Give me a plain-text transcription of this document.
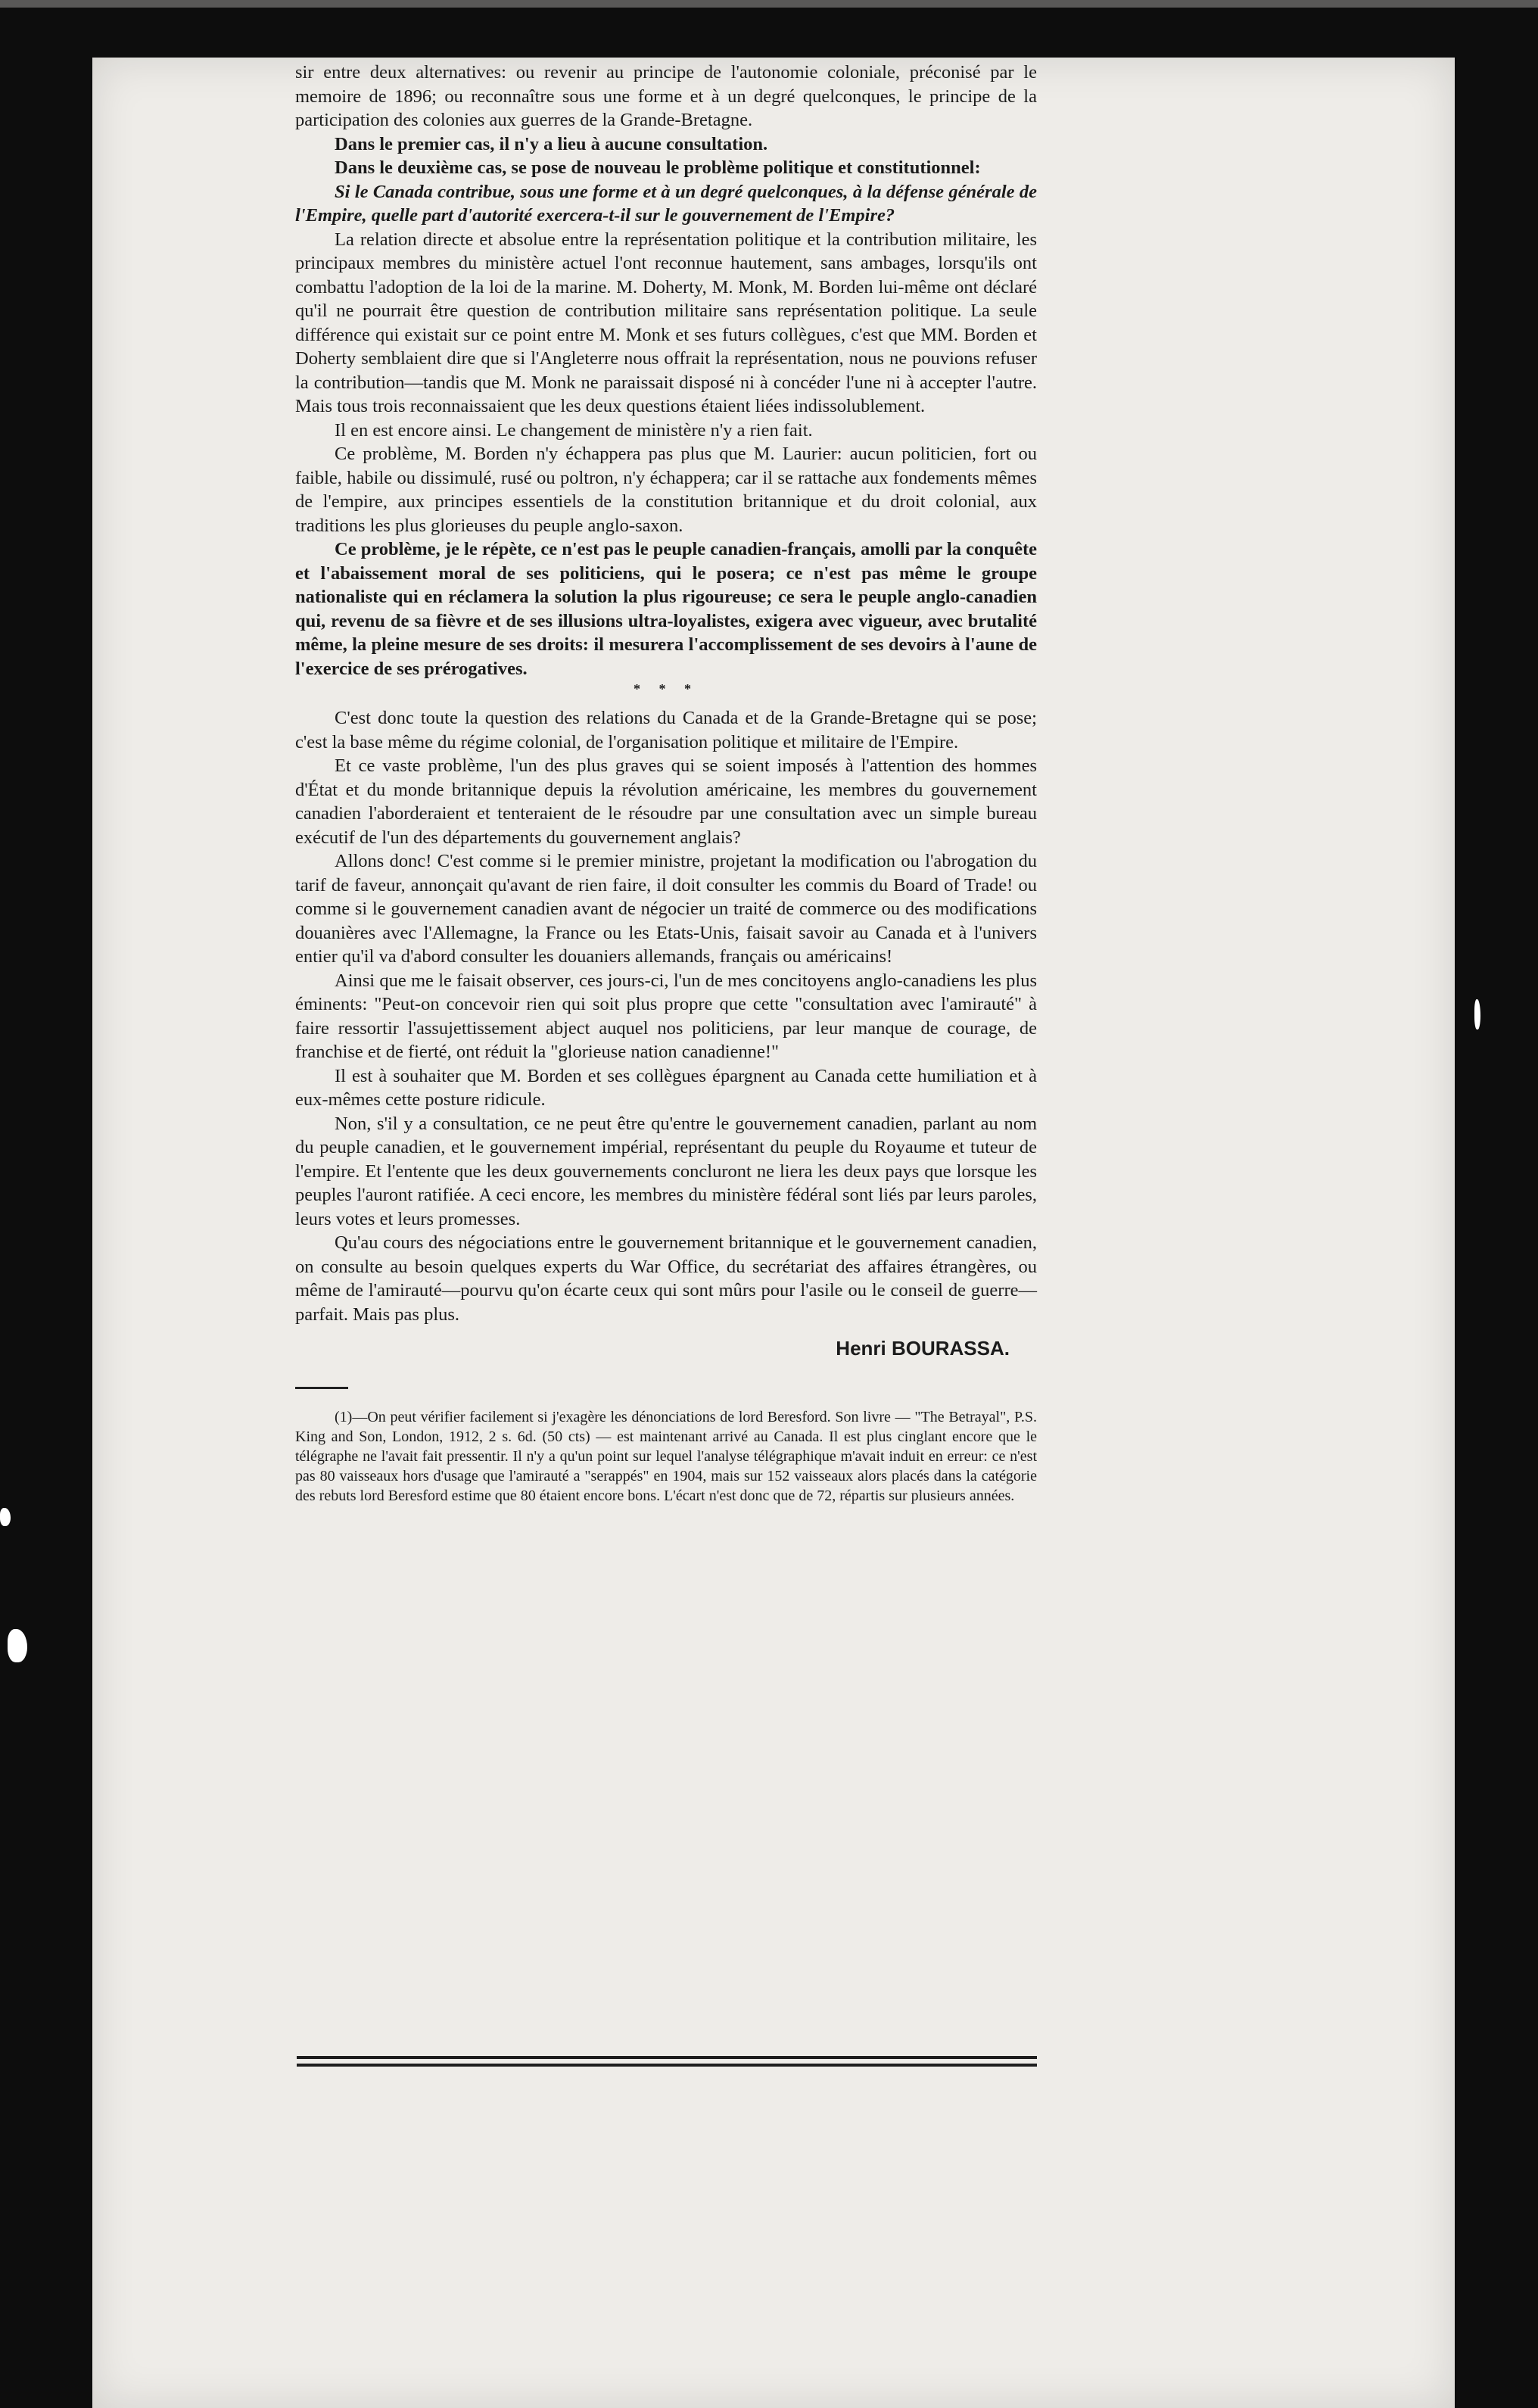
sir entre deux alternatives: ou revenir au principe de l'autonomie coloniale, préconisé par le memoire de 1896; ou reconnaître sous une forme et à un degré quelconques, le principe de la participation des colonies aux guerres de la Grande-Bretagne.

Dans le premier cas, il n'y a lieu à aucune consultation.

Dans le deuxième cas, se pose de nouveau le problème politique et constitutionnel:

Si le Canada contribue, sous une forme et à un degré quelconques, à la défense générale de l'Empire, quelle part d'autorité exercera-t-il sur le gouvernement de l'Empire?

La relation directe et absolue entre la représentation politique et la contribution militaire, les principaux membres du ministère actuel l'ont reconnue hautement, sans ambages, lorsqu'ils ont combattu l'adoption de la loi de la marine. M. Doherty, M. Monk, M. Borden lui-même ont déclaré qu'il ne pourrait être question de contribution militaire sans représentation politique. La seule différence qui existait sur ce point entre M. Monk et ses futurs collègues, c'est que MM. Borden et Doherty semblaient dire que si l'Angleterre nous offrait la représentation, nous ne pouvions refuser la contribution—tandis que M. Monk ne paraissait disposé ni à concéder l'une ni à accepter l'autre. Mais tous trois reconnaissaient que les deux questions étaient liées indissolublement.

Il en est encore ainsi. Le changement de ministère n'y a rien fait.

Ce problème, M. Borden n'y échappera pas plus que M. Laurier: aucun politicien, fort ou faible, habile ou dissimulé, rusé ou poltron, n'y échappera; car il se rattache aux fondements mêmes de l'empire, aux principes essentiels de la constitution britannique et du droit colonial, aux traditions les plus glorieuses du peuple anglo-saxon.

Ce problème, je le répète, ce n'est pas le peuple canadien-français, amolli par la conquête et l'abaissement moral de ses politiciens, qui le posera; ce n'est pas même le groupe nationaliste qui en réclamera la solution la plus rigoureuse; ce sera le peuple anglo-canadien qui, revenu de sa fièvre et de ses illusions ultra-loyalistes, exigera avec vigueur, avec brutalité même, la pleine mesure de ses droits: il mesurera l'accomplissement de ses devoirs à l'aune de l'exercice de ses prérogatives.

* * *

C'est donc toute la question des relations du Canada et de la Grande-Bretagne qui se pose; c'est la base même du régime colonial, de l'organisation politique et militaire de l'Empire.

Et ce vaste problème, l'un des plus graves qui se soient imposés à l'attention des hommes d'État et du monde britannique depuis la révolution américaine, les membres du gouvernement canadien l'aborderaient et tenteraient de le résoudre par une consultation avec un simple bureau exécutif de l'un des départements du gouvernement anglais?

Allons donc! C'est comme si le premier ministre, projetant la modification ou l'abrogation du tarif de faveur, annonçait qu'avant de rien faire, il doit consulter les commis du Board of Trade! ou comme si le gouvernement canadien avant de négocier un traité de commerce ou des modifications douanières avec l'Allemagne, la France ou les Etats-Unis, faisait savoir au Canada et à l'univers entier qu'il va d'abord consulter les douaniers allemands, français ou américains!

Ainsi que me le faisait observer, ces jours-ci, l'un de mes concitoyens anglo-canadiens les plus éminents: "Peut-on concevoir rien qui soit plus propre que cette "consultation avec l'amirauté" à faire ressortir l'assujettissement abject auquel nos politiciens, par leur manque de courage, de franchise et de fierté, ont réduit la "glorieuse nation canadienne!"

Il est à souhaiter que M. Borden et ses collègues épargnent au Canada cette humiliation et à eux-mêmes cette posture ridicule.

Non, s'il y a consultation, ce ne peut être qu'entre le gouvernement canadien, parlant au nom du peuple canadien, et le gouvernement impérial, représentant du peuple du Royaume et tuteur de l'empire. Et l'entente que les deux gouvernements concluront ne liera les deux pays que lorsque les peuples l'auront ratifiée. A ceci encore, les membres du ministère fédéral sont liés par leurs paroles, leurs votes et leurs promesses.

Qu'au cours des négociations entre le gouvernement britannique et le gouvernement canadien, on consulte au besoin quelques experts du War Office, du secrétariat des affaires étrangères, ou même de l'amirauté—pourvu qu'on écarte ceux qui sont mûrs pour l'asile ou le conseil de guerre—parfait. Mais pas plus.

Henri BOURASSA.

(1)—On peut vérifier facilement si j'exagère les dénonciations de lord Beresford. Son livre — "The Betrayal", P.S. King and Son, London, 1912, 2 s. 6d. (50 cts) — est maintenant arrivé au Canada. Il est plus cinglant encore que le télégraphe ne l'avait fait pressentir. Il n'y a qu'un point sur lequel l'analyse télégraphique m'avait induit en erreur: ce n'est pas 80 vaisseaux hors d'usage que l'amirauté a "serappés" en 1904, mais sur 152 vaisseaux alors placés dans la catégorie des rebuts lord Beresford estime que 80 étaient encore bons. L'écart n'est donc que de 72, répartis sur plusieurs années.
